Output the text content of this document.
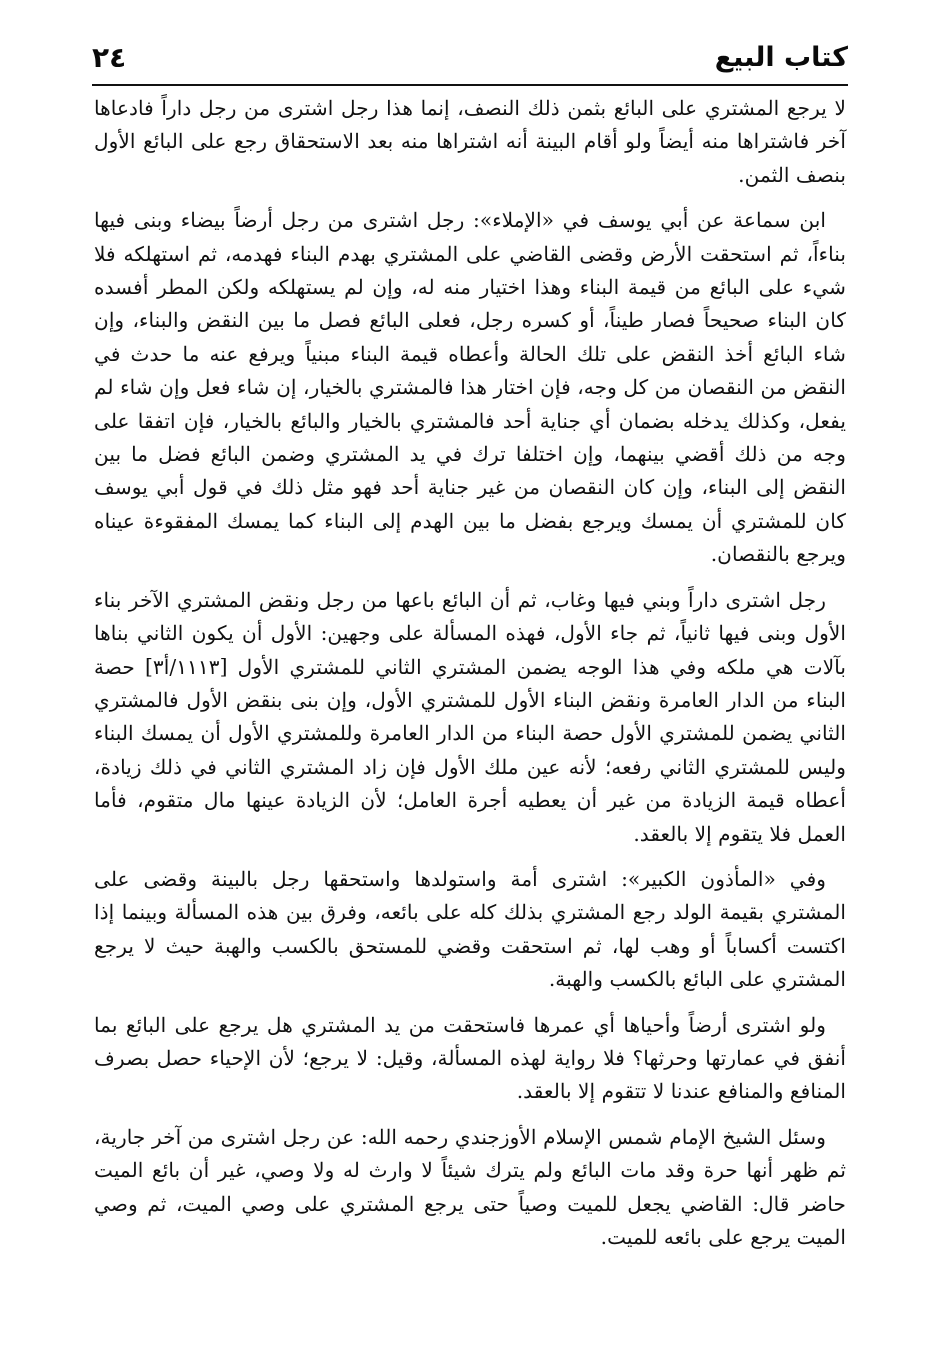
كتاب البيع
٢٤

لا يرجع المشتري على البائع بثمن ذلك النصف، إنما هذا رجل اشترى من رجل داراً فادعاها آخر فاشتراها منه أيضاً ولو أقام البينة أنه اشتراها منه بعد الاستحقاق رجع على البائع الأول بنصف الثمن.

ابن سماعة عن أبي يوسف في «الإملاء»: رجل اشترى من رجل أرضاً بيضاء وبنى فيها بناءاً، ثم استحقت الأرض وقضى القاضي على المشتري بهدم البناء فهدمه، ثم استهلكه فلا شيء على البائع من قيمة البناء وهذا اختيار منه له، وإن لم يستهلكه ولكن المطر أفسده كان البناء صحيحاً فصار طيناً، أو كسره رجل، فعلى البائع فصل ما بين النقض والبناء، وإن شاء البائع أخذ النقض على تلك الحالة وأعطاه قيمة البناء مبنياً ويرفع عنه ما حدث في النقض من النقصان من كل وجه، فإن اختار هذا فالمشتري بالخيار، إن شاء فعل وإن شاء لم يفعل، وكذلك يدخله بضمان أي جناية أحد فالمشتري بالخيار والبائع بالخيار، فإن اتفقا على وجه من ذلك أقضي بينهما، وإن اختلفا ترك في يد المشتري وضمن البائع فضل ما بين النقض إلى البناء، وإن كان النقصان من غير جناية أحد فهو مثل ذلك في قول أبي يوسف كان للمشتري أن يمسك ويرجع بفضل ما بين الهدم إلى البناء كما يمسك المفقوءة عيناه ويرجع بالنقصان.

رجل اشترى داراً وبني فيها وغاب، ثم أن البائع باعها من رجل ونقض المشتري الآخر بناء الأول وبنى فيها ثانياً، ثم جاء الأول، فهذه المسألة على وجهين: الأول أن يكون الثاني بناها بآلات هي ملكه وفي هذا الوجه يضمن المشتري الثاني للمشتري الأول [١١١٣/أ٣] حصة البناء من الدار العامرة ونقض البناء الأول للمشتري الأول، وإن بنى بنقض الأول فالمشتري الثاني يضمن للمشتري الأول حصة البناء من الدار العامرة وللمشتري الأول أن يمسك البناء وليس للمشتري الثاني رفعه؛ لأنه عين ملك الأول فإن زاد المشتري الثاني في ذلك زيادة، أعطاه قيمة الزيادة من غير أن يعطيه أجرة العامل؛ لأن الزيادة عينها مال متقوم، فأما العمل فلا يتقوم إلا بالعقد.

وفي «المأذون الكبير»: اشترى أمة واستولدها واستحقها رجل بالبينة وقضى على المشتري بقيمة الولد رجع المشتري بذلك كله على بائعه، وفرق بين هذه المسألة وبينما إذا اكتست أكساباً أو وهب لها، ثم استحقت وقضي للمستحق بالكسب والهبة حيث لا يرجع المشتري على البائع بالكسب والهبة.

ولو اشترى أرضاً وأحياها أي عمرها فاستحقت من يد المشتري هل يرجع على البائع بما أنفق في عمارتها وحرثها؟ فلا رواية لهذه المسألة، وقيل: لا يرجع؛ لأن الإحياء حصل بصرف المنافع والمنافع عندنا لا تتقوم إلا بالعقد.

وسئل الشيخ الإمام شمس الإسلام الأوزجندي رحمه الله: عن رجل اشترى من آخر جارية، ثم ظهر أنها حرة وقد مات البائع ولم يترك شيئاً لا وارث له ولا وصي، غير أن بائع الميت حاضر قال: القاضي يجعل للميت وصياً حتى يرجع المشتري على وصي الميت، ثم وصي الميت يرجع على بائعه للميت.
